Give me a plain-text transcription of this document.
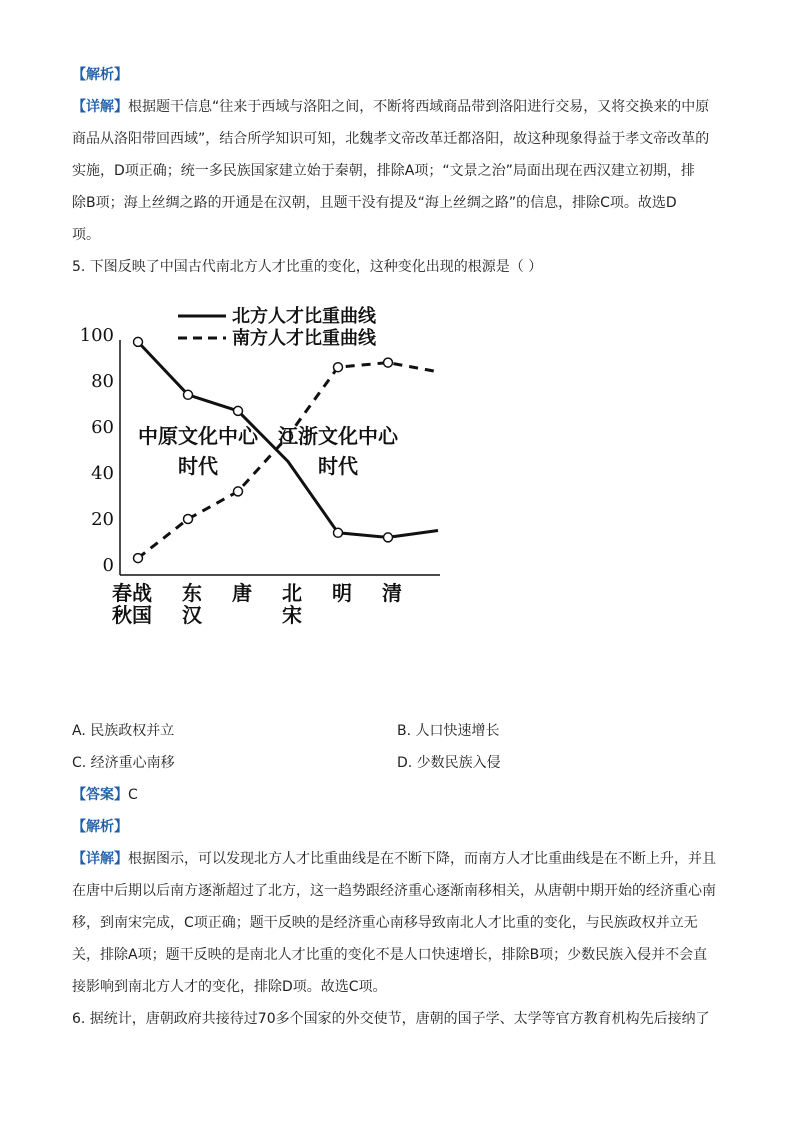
【解析】
【详解】根据题干信息“往来于西域与洛阳之间，不断将西域商品带到洛阳进行交易，又将交换来的中原
商品从洛阳带回西域”，结合所学知识可知，北魏孝文帝改革迁都洛阳，故这种现象得益于孝文帝改革的
实施，D项正确；统一多民族国家建立始于秦朝，排除A项；“文景之治”局面出现在西汉建立初期，排
除B项；海上丝绸之路的开通是在汉朝，且题干没有提及“海上丝绸之路”的信息，排除C项。故选D
项。
5. 下图反映了中国古代南北方人才比重的变化，这种变化出现的根源是（ ）
0
20
40
60
80
100
春战
秋国
东
汉
唐 北
宋
明 清
北方人才比重曲线
南方人才比重曲线
中原文化中心
时代
江浙文化中心
时代
A. 民族政权并立	B. 人口快速增长
C. 经济重心南移	D. 少数民族入侵
【答案】C
【解析】
【详解】根据图示，可以发现北方人才比重曲线是在不断下降，而南方人才比重曲线是在不断上升，并且
在唐中后期以后南方逐渐超过了北方，这一趋势跟经济重心逐渐南移相关，从唐朝中期开始的经济重心南
移，到南宋完成，C项正确；题干反映的是经济重心南移导致南北人才比重的变化，与民族政权并立无
关，排除A项；题干反映的是南北人才比重的变化不是人口快速增长，排除B项；少数民族入侵并不会直
接影响到南北方人才的变化，排除D项。故选C项。
6. 据统计，唐朝政府共接待过70多个国家的外交使节，唐朝的国子学、太学等官方教育机构先后接纳了
